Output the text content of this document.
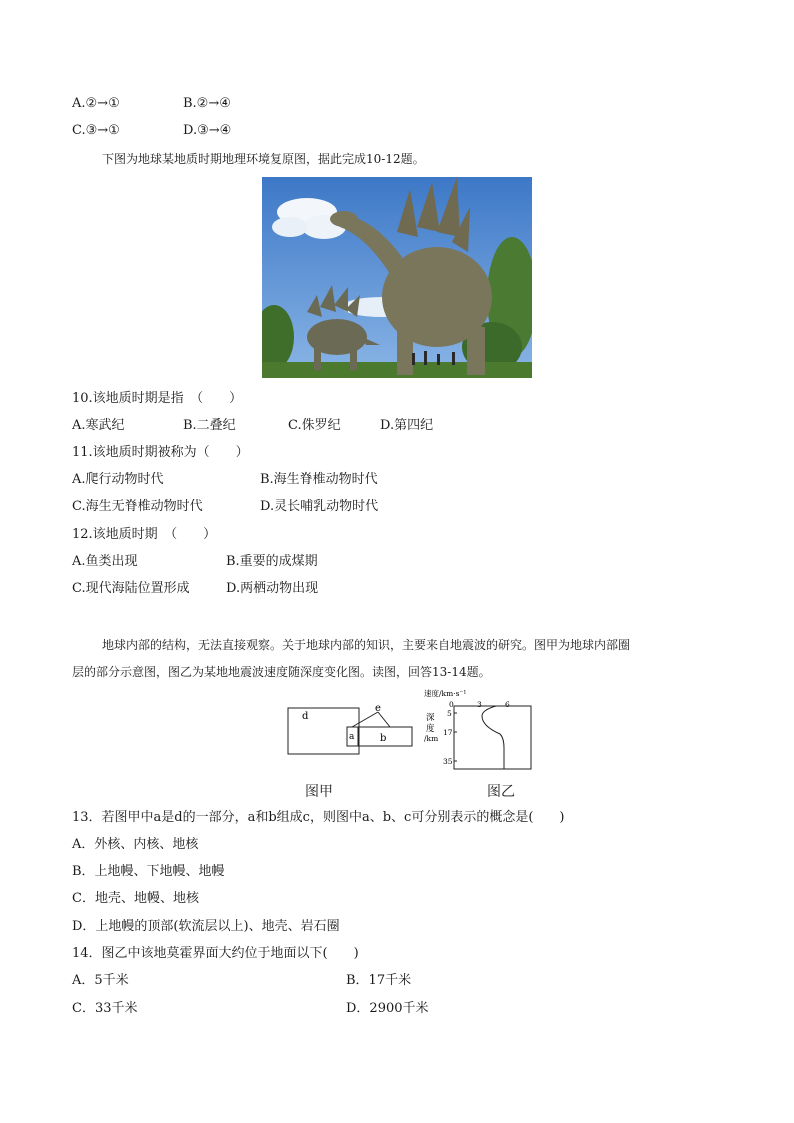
A.②→①	B.②→④
C.③→①	D.③→④
下图为地球某地质时期地理环境复原图，据此完成10-12题。
10.该地质时期是指　（　　）
A.寒武纪	B.二叠纪	C.侏罗纪	D.第四纪
11.该地质时期被称为（　　）
A.爬行动物时代	B.海生脊椎动物时代
C.海生无脊椎动物时代	D.灵长哺乳动物时代
12.该地质时期　（　　）
A.鱼类出现	B.重要的成煤期
C.现代海陆位置形成	D.两栖动物出现
地球内部的结构，无法直接观察。关于地球内部的知识，主要来自地震波的研究。图甲为地球内部圈
层的部分示意图，图乙为某地地震波速度随深度变化图。读图，回答13-14题。
d
e
a	b
图甲
速度/km·s⁻¹
0	3	6
深
度
/km
5
17
35
图乙
13．若图甲中a是d的一部分，a和b组成c，则图中a、b、c可分别表示的概念是(　　)
A．外核、内核、地核
B．上地幔、下地幔、地幔
C．地壳、地幔、地核
D．上地幔的顶部(软流层以上)、地壳、岩石圈
14．图乙中该地莫霍界面大约位于地面以下(　　)
A．5千米	B．17千米
C．33千米	D．2900千米
